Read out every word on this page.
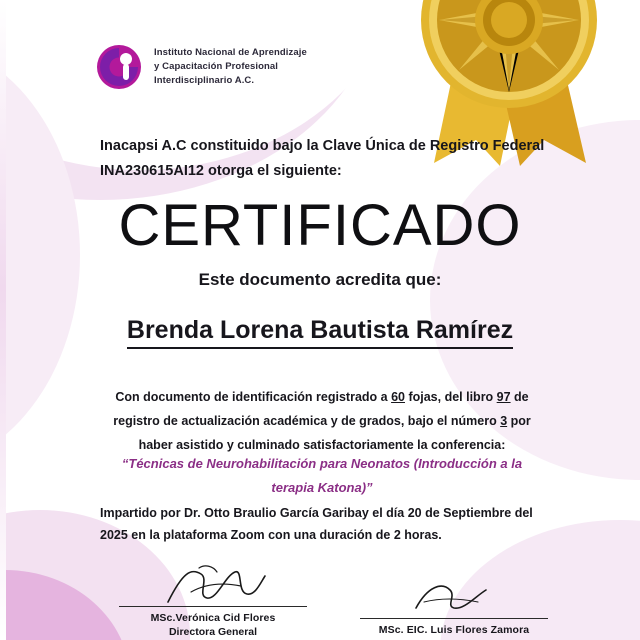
Instituto Nacional de Aprendizaje
y Capacitación Profesional
Interdisciplinario A.C.
Inacapsi A.C constituido bajo la Clave Única de Registro Federal INA230615AI12 otorga el siguiente:
CERTIFICADO
Este documento acredita que:
Brenda Lorena Bautista Ramírez
Con documento de identificación registrado a 60 fojas, del libro 97 de registro de actualización académica y de grados, bajo el número 3 por haber asistido y culminado satisfactoriamente la conferencia:
“Técnicas de Neurohabilitación para Neonatos (Introducción a la terapia Katona)”
Impartido por Dr. Otto Braulio García Garibay el día 20 de Septiembre del 2025 en la plataforma Zoom con una duración de 2 horas.
MSc.Verónica Cid Flores
Directora General	MSc. EIC. Luis Flores Zamora
